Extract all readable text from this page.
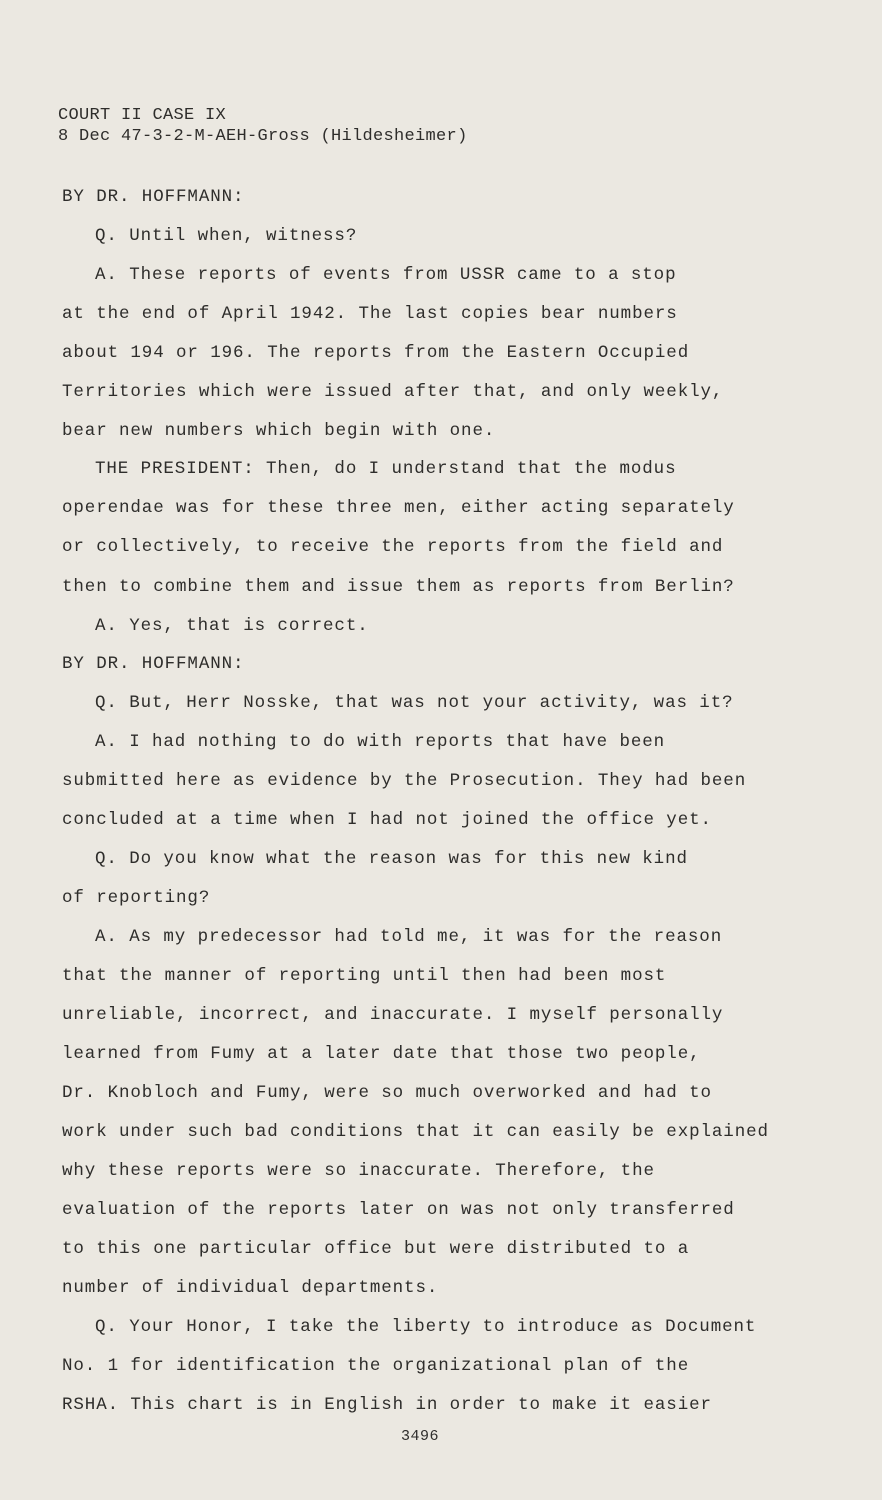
COURT II CASE IX
8 Dec 47-3-2-M-AEH-Gross (Hildesheimer)
BY DR. HOFFMANN:
Q. Until when, witness?
A. These reports of events from USSR came to a stop
at the end of April 1942. The last copies bear numbers
about 194 or 196. The reports from the Eastern Occupied
Territories which were issued after that, and only weekly,
bear new numbers which begin with one.
THE PRESIDENT: Then, do I understand that the modus
operendae was for these three men, either acting separately
or collectively, to receive the reports from the field and
then to combine them and issue them as reports from Berlin?
A. Yes, that is correct.
BY DR. HOFFMANN:
Q. But, Herr Nosske, that was not your activity, was it?
A. I had nothing to do with reports that have been
submitted here as evidence by the Prosecution. They had been
concluded at a time when I had not joined the office yet.
Q. Do you know what the reason was for this new kind
of reporting?
A. As my predecessor had told me, it was for the reason
that the manner of reporting until then had been most
unreliable, incorrect, and inaccurate. I myself personally
learned from Fumy at a later date that those two people,
Dr. Knobloch and Fumy, were so much overworked and had to
work under such bad conditions that it can easily be explained
why these reports were so inaccurate. Therefore, the
evaluation of the reports later on was not only transferred
to this one particular office but were distributed to a
number of individual departments.
Q. Your Honor, I take the liberty to introduce as Document
No. 1 for identification the organizational plan of the
RSHA. This chart is in English in order to make it easier
3496
